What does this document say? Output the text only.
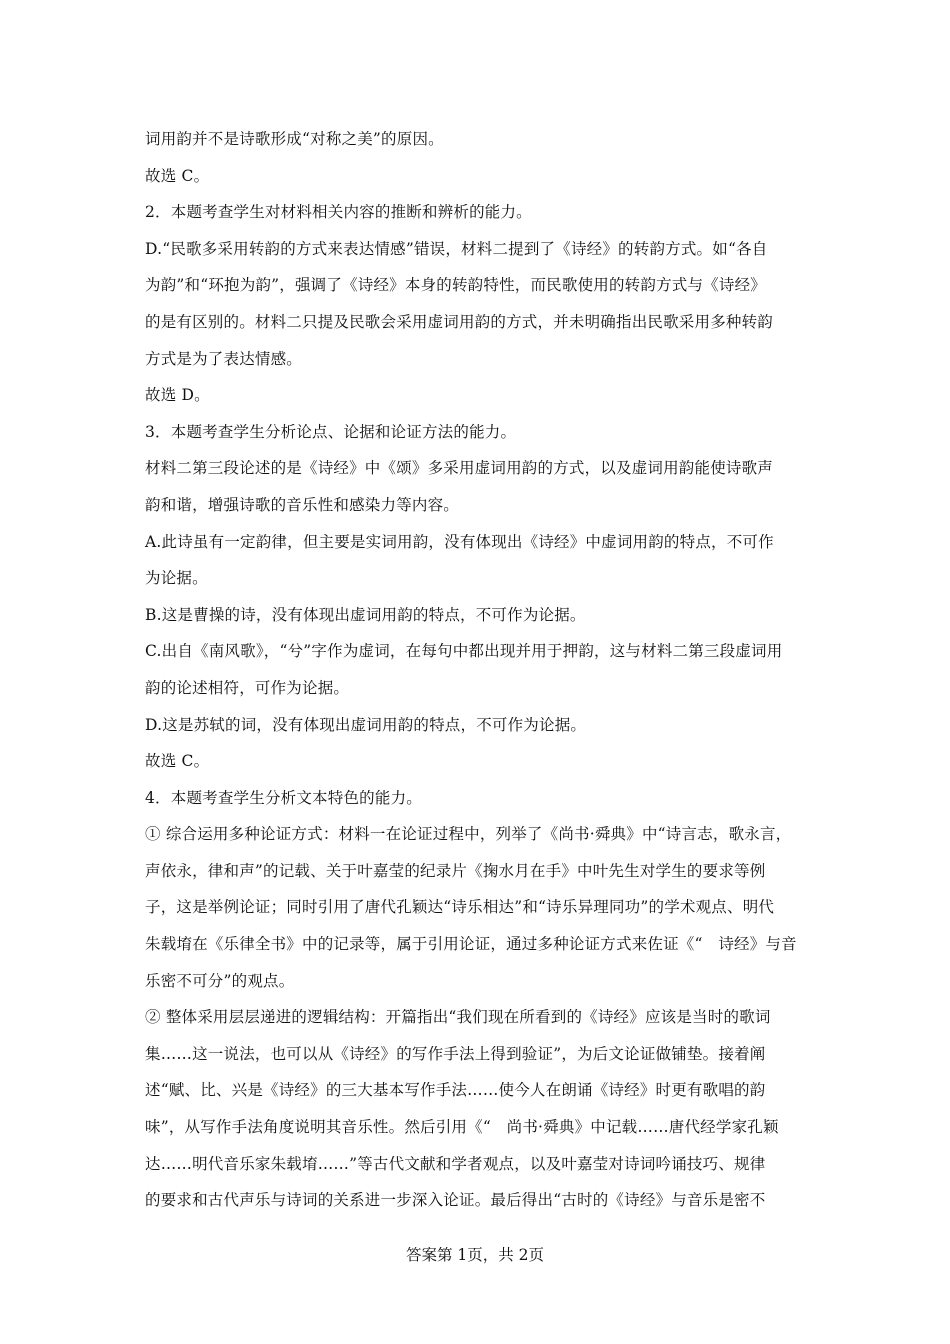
词用韵并不是诗歌形成“对称之美”的原因。
故选 C。
2．本题考查学生对材料相关内容的推断和辨析的能力。
D.“民歌多采用转韵的方式来表达情感”错误，材料二提到了《诗经》的转韵方式。如“各自
为韵”和“环抱为韵”，强调了《诗经》本身的转韵特性，而民歌使用的转韵方式与《诗经》
的是有区别的。材料二只提及民歌会采用虚词用韵的方式，并未明确指出民歌采用多种转韵
方式是为了表达情感。
故选 D。
3．本题考查学生分析论点、论据和论证方法的能力。
材料二第三段论述的是《诗经》中《颂》多采用虚词用韵的方式，以及虚词用韵能使诗歌声
韵和谐，增强诗歌的音乐性和感染力等内容。
A.此诗虽有一定韵律，但主要是实词用韵，没有体现出《诗经》中虚词用韵的特点，不可作
为论据。
B.这是曹操的诗，没有体现出虚词用韵的特点，不可作为论据。
C.出自《南风歌》，“兮”字作为虚词，在每句中都出现并用于押韵，这与材料二第三段虚词用
韵的论述相符，可作为论据。
D.这是苏轼的词，没有体现出虚词用韵的特点，不可作为论据。
故选 C。
4．本题考查学生分析文本特色的能力。
① 综合运用多种论证方式：材料一在论证过程中，列举了《尚书·舜典》中“诗言志，歌永言，
声依永，律和声”的记载、关于叶嘉莹的纪录片《掬水月在手》中叶先生对学生的要求等例
子，这是举例论证；同时引用了唐代孔颖达“诗乐相达”和“诗乐异理同功”的学术观点、明代
朱载堉在《乐律全书》中的记录等，属于引用论证，通过多种论证方式来佐证《“　诗经》与音
乐密不可分”的观点。
② 整体采用层层递进的逻辑结构：开篇指出“我们现在所看到的《诗经》应该是当时的歌词
集……这一说法，也可以从《诗经》的写作手法上得到验证”，为后文论证做铺垫。接着阐
述“赋、比、兴是《诗经》的三大基本写作手法……使今人在朗诵《诗经》时更有歌唱的韵
味”，从写作手法角度说明其音乐性。然后引用《“　尚书·舜典》中记载……唐代经学家孔颖
达……明代音乐家朱载堉……”等古代文献和学者观点，以及叶嘉莹对诗词吟诵技巧、规律
的要求和古代声乐与诗词的关系进一步深入论证。最后得出“古时的《诗经》与音乐是密不
答案第 1页，共 2页
